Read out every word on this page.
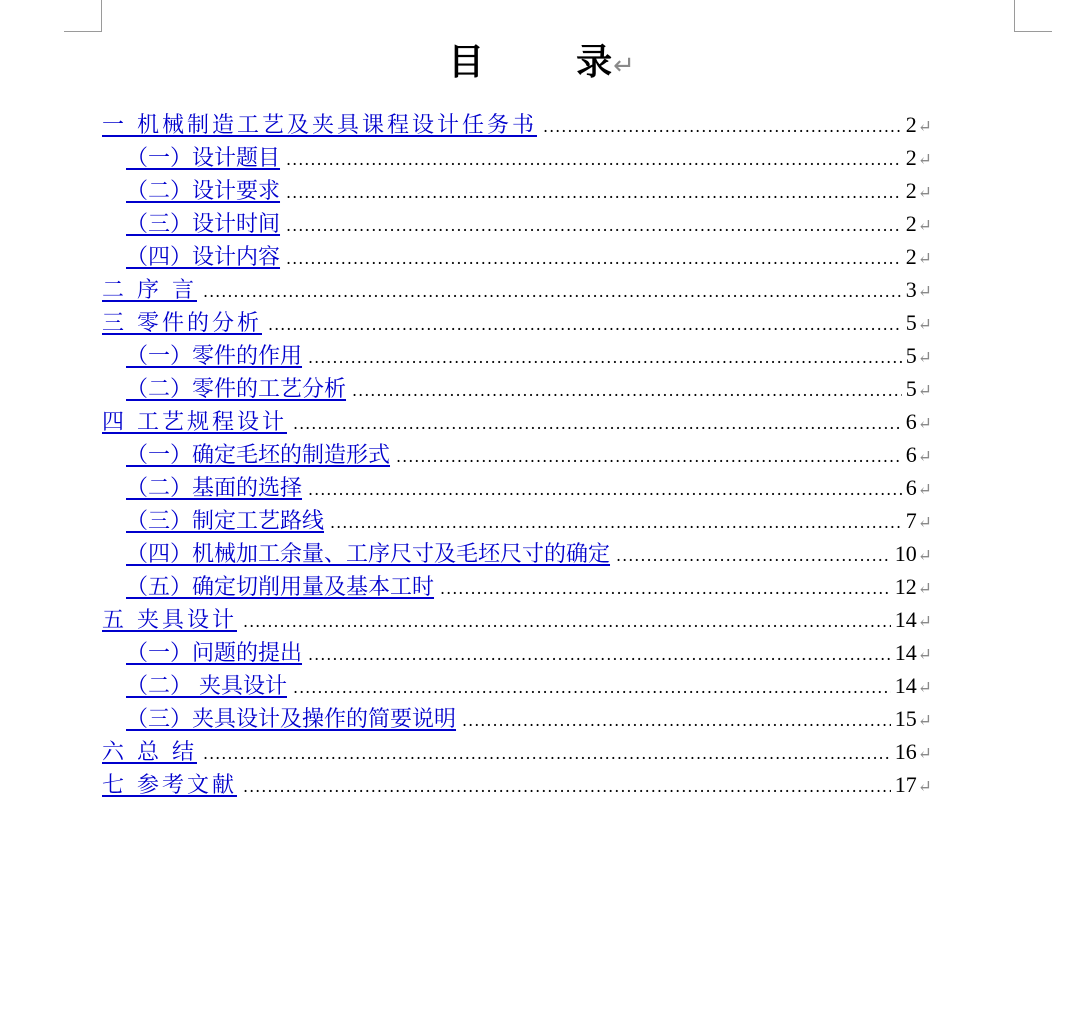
目	录↵
一 机械制造工艺及夹具课程设计任务书 .....	2 ↵
（一）设计题目 .....	2 ↵
（二）设计要求 .....	2 ↵
（三）设计时间 .....	2 ↵
（四）设计内容 .....	2 ↵
二 序 言 .....	3 ↵
三 零件的分析 .....	5 ↵
（一）零件的作用 .....	5 ↵
（二）零件的工艺分析 .....	5 ↵
四 工艺规程设计 .....	6 ↵
（一）确定毛坯的制造形式 .....	6 ↵
（二）基面的选择 .....	6 ↵
（三）制定工艺路线 .....	7 ↵
（四）机械加工余量、工序尺寸及毛坯尺寸的确定 .....	10 ↵
（五）确定切削用量及基本工时 .....	12 ↵
五 夹具设计 .....	14 ↵
（一）问题的提出 .....	14 ↵
（二） 夹具设计 .....	14 ↵
（三）夹具设计及操作的简要说明 .....	15 ↵
六 总 结 .....	16 ↵
七 参考文献 .....	17 ↵
